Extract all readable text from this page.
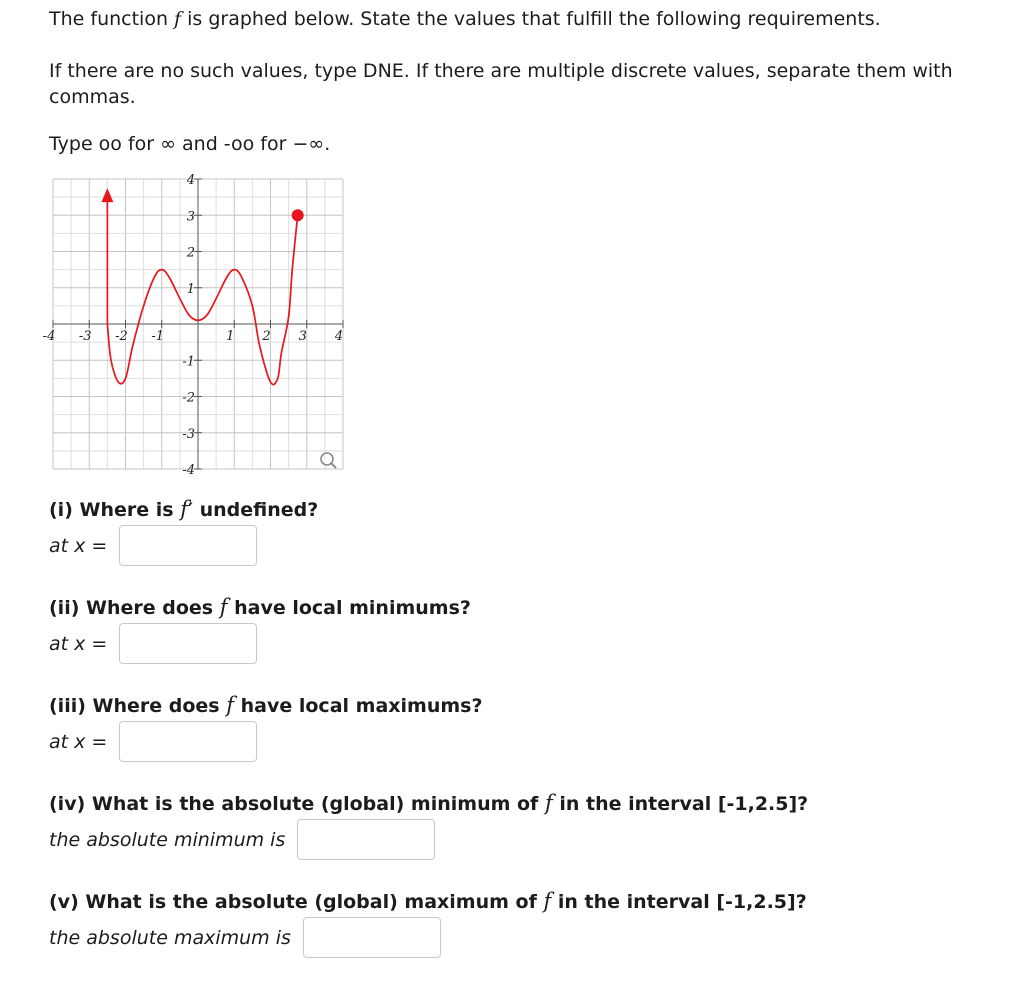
The function f is graphed below. State the values that fulfill the following requirements.
If there are no such values, type DNE. If there are multiple discrete values, separate them with
commas.
Type oo for ∞ and -oo for −∞.
-4 -3 -2 -1	1 2 3 4
4
3
2
1
-1
-2
-3
-4
(i) Where is f′ undefined?
at x =
(ii) Where does f have local minimums?
at x =
(iii) Where does f have local maximums?
at x =
(iv) What is the absolute (global) minimum of f in the interval [-1,2.5]?
the absolute minimum is
(v) What is the absolute (global) maximum of f in the interval [-1,2.5]?
the absolute maximum is
